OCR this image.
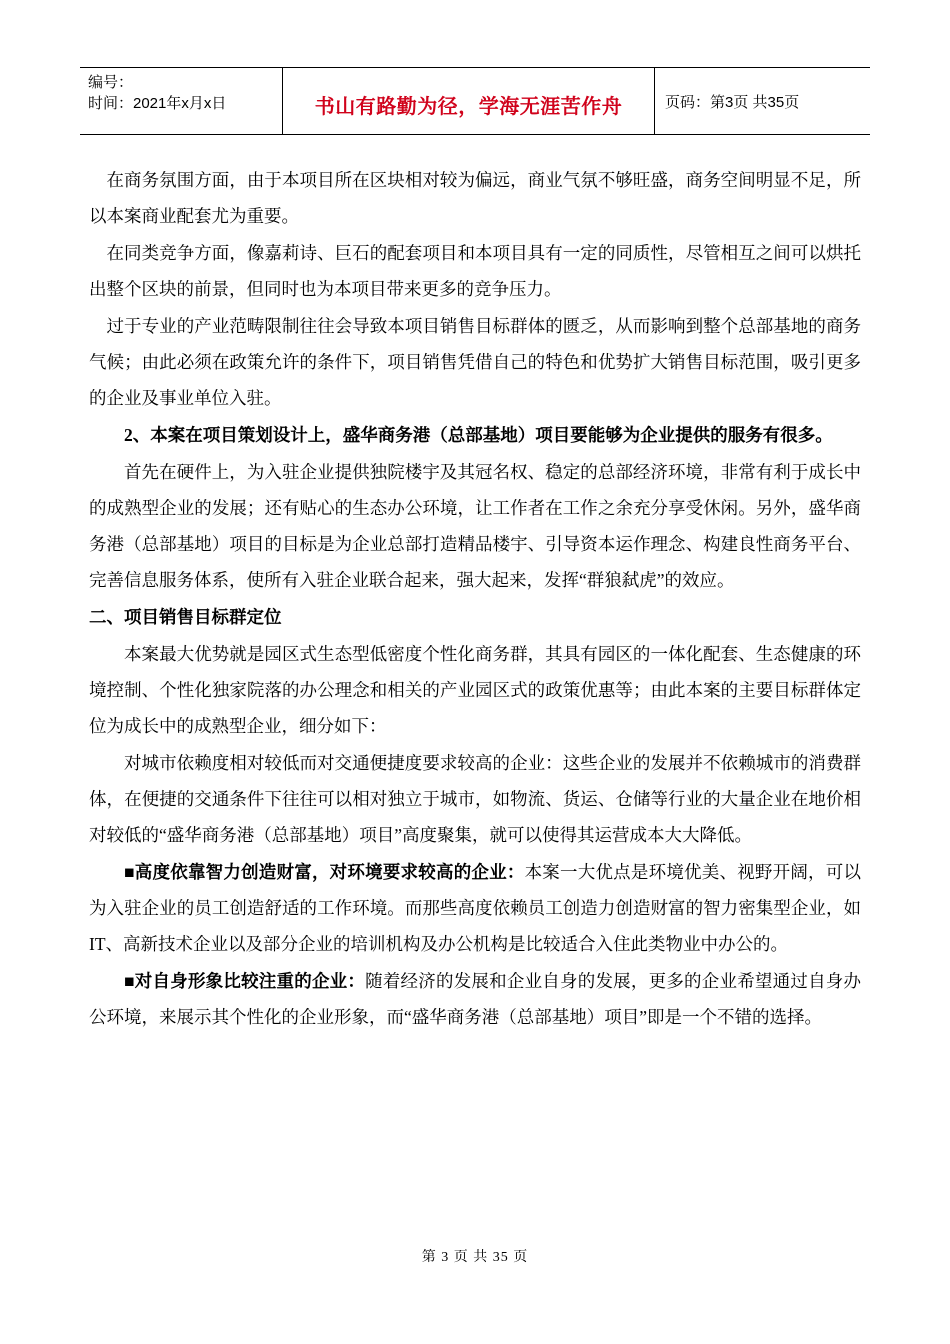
编号：
时间：2021年x月x日	书山有路勤为径，学海无涯苦作舟	页码：第3页 共35页

在商务氛围方面，由于本项目所在区块相对较为偏远，商业气氛不够旺盛，商务空间明显不足，所以本案商业配套尤为重要。

在同类竞争方面，像嘉莉诗、巨石的配套项目和本项目具有一定的同质性，尽管相互之间可以烘托出整个区块的前景，但同时也为本项目带来更多的竞争压力。

过于专业的产业范畴限制往往会导致本项目销售目标群体的匮乏，从而影响到整个总部基地的商务气候；由此必须在政策允许的条件下，项目销售凭借自己的特色和优势扩大销售目标范围，吸引更多的企业及事业单位入驻。

2、本案在项目策划设计上，盛华商务港（总部基地）项目要能够为企业提供的服务有很多。

首先在硬件上，为入驻企业提供独院楼宇及其冠名权、稳定的总部经济环境，非常有利于成长中的成熟型企业的发展；还有贴心的生态办公环境，让工作者在工作之余充分享受休闲。另外，盛华商务港（总部基地）项目的目标是为企业总部打造精品楼宇、引导资本运作理念、构建良性商务平台、完善信息服务体系，使所有入驻企业联合起来，强大起来，发挥“群狼弑虎”的效应。

二、项目销售目标群定位

本案最大优势就是园区式生态型低密度个性化商务群，其具有园区的一体化配套、生态健康的环境控制、个性化独家院落的办公理念和相关的产业园区式的政策优惠等；由此本案的主要目标群体定位为成长中的成熟型企业，细分如下：

对城市依赖度相对较低而对交通便捷度要求较高的企业：这些企业的发展并不依赖城市的消费群体，在便捷的交通条件下往往可以相对独立于城市，如物流、货运、仓储等行业的大量企业在地价相对较低的“盛华商务港（总部基地）项目”高度聚集，就可以使得其运营成本大大降低。

■高度依靠智力创造财富，对环境要求较高的企业：本案一大优点是环境优美、视野开阔，可以为入驻企业的员工创造舒适的工作环境。而那些高度依赖员工创造力创造财富的智力密集型企业，如IT、高新技术企业以及部分企业的培训机构及办公机构是比较适合入住此类物业中办公的。

■对自身形象比较注重的企业：随着经济的发展和企业自身的发展，更多的企业希望通过自身办公环境，来展示其个性化的企业形象，而“盛华商务港（总部基地）项目”即是一个不错的选择。

第 3 页 共 35 页
